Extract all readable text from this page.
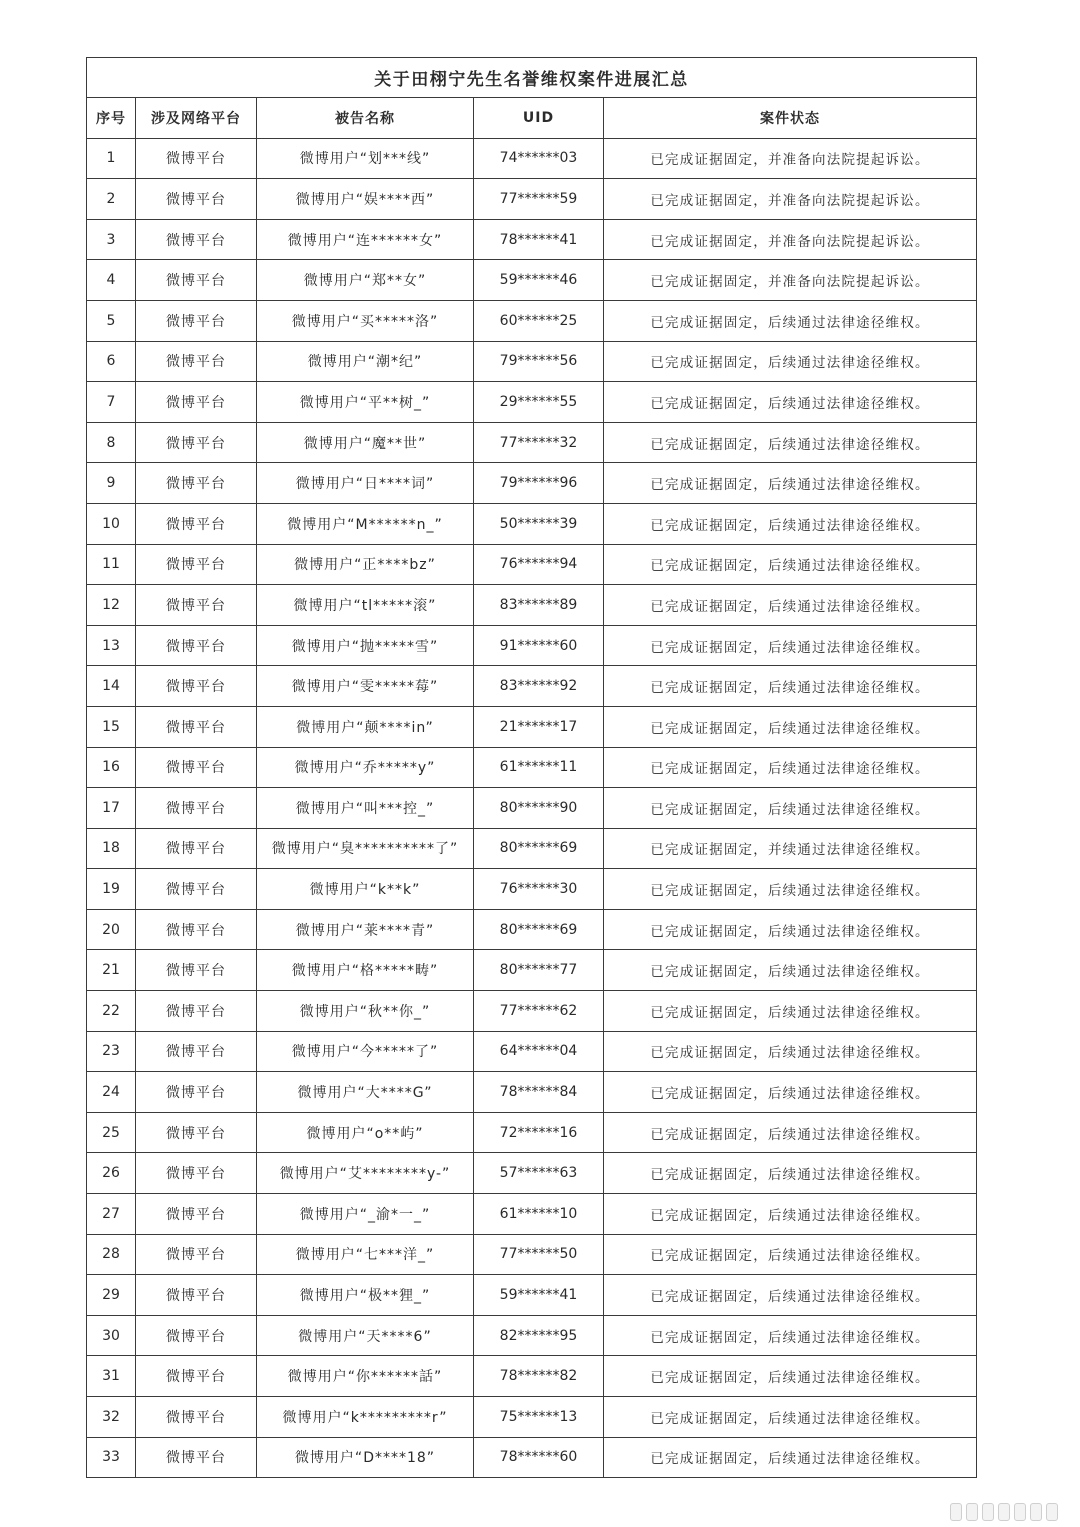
关于田栩宁先生名誉维权案件进展汇总				
序号	涉及网络平台	被告名称	UID	案件状态
1	微博平台	微博用户“划***线”	74******03	已完成证据固定，并准备向法院提起诉讼。
2	微博平台	微博用户“娱****西”	77******59	已完成证据固定，并准备向法院提起诉讼。
3	微博平台	微博用户“连******女”	78******41	已完成证据固定，并准备向法院提起诉讼。
4	微博平台	微博用户“郑**女”	59******46	已完成证据固定，并准备向法院提起诉讼。
5	微博平台	微博用户“买*****洛”	60******25	已完成证据固定，后续通过法律途径维权。
6	微博平台	微博用户“潮*纪”	79******56	已完成证据固定，后续通过法律途径维权。
7	微博平台	微博用户“平**树_”	29******55	已完成证据固定，后续通过法律途径维权。
8	微博平台	微博用户“魔**世”	77******32	已完成证据固定，后续通过法律途径维权。
9	微博平台	微博用户“日****词”	79******96	已完成证据固定，后续通过法律途径维权。
10	微博平台	微博用户“M******n_”	50******39	已完成证据固定，后续通过法律途径维权。
11	微博平台	微博用户“正****bz”	76******94	已完成证据固定，后续通过法律途径维权。
12	微博平台	微博用户“tl*****滚”	83******89	已完成证据固定，后续通过法律途径维权。
13	微博平台	微博用户“抛*****雪”	91******60	已完成证据固定，后续通过法律途径维权。
14	微博平台	微博用户“雯*****莓”	83******92	已完成证据固定，后续通过法律途径维权。
15	微博平台	微博用户“颠****in”	21******17	已完成证据固定，后续通过法律途径维权。
16	微博平台	微博用户“乔*****y”	61******11	已完成证据固定，后续通过法律途径维权。
17	微博平台	微博用户“叫***控_”	80******90	已完成证据固定，后续通过法律途径维权。
18	微博平台	微博用户“臭**********了”	80******69	已完成证据固定，并续通过法律途径维权。
19	微博平台	微博用户“k**k”	76******30	已完成证据固定，后续通过法律途径维权。
20	微博平台	微博用户“莱****青”	80******69	已完成证据固定，后续通过法律途径维权。
21	微博平台	微博用户“格*****畴”	80******77	已完成证据固定，后续通过法律途径维权。
22	微博平台	微博用户“秋**你_”	77******62	已完成证据固定，后续通过法律途径维权。
23	微博平台	微博用户“今*****了”	64******04	已完成证据固定，后续通过法律途径维权。
24	微博平台	微博用户“大****G”	78******84	已完成证据固定，后续通过法律途径维权。
25	微博平台	微博用户“o**屿”	72******16	已完成证据固定，后续通过法律途径维权。
26	微博平台	微博用户“艾********y-”	57******63	已完成证据固定，后续通过法律途径维权。
27	微博平台	微博用户“_渝*一_”	61******10	已完成证据固定，后续通过法律途径维权。
28	微博平台	微博用户“七***洋_”	77******50	已完成证据固定，后续通过法律途径维权。
29	微博平台	微博用户“极**狸_”	59******41	已完成证据固定，后续通过法律途径维权。
30	微博平台	微博用户“天****6”	82******95	已完成证据固定，后续通过法律途径维权。
31	微博平台	微博用户“你******話”	78******82	已完成证据固定，后续通过法律途径维权。
32	微博平台	微博用户“k*********r”	75******13	已完成证据固定，后续通过法律途径维权。
33	微博平台	微博用户“D****18”	78******60	已完成证据固定，后续通过法律途径维权。
